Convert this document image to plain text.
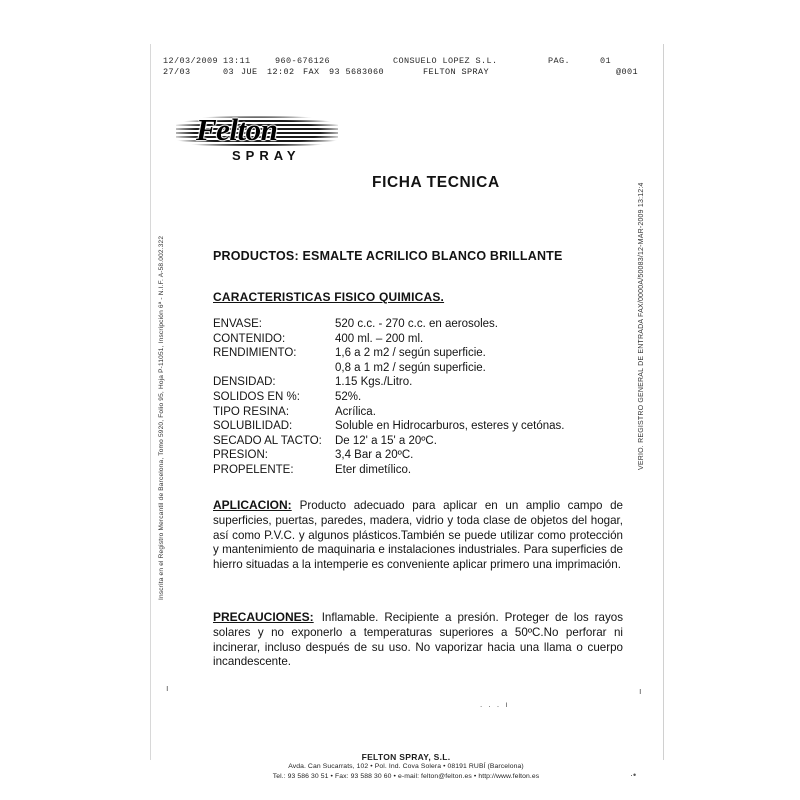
12/03/2009 13:11	960-676126	CONSUELO LOPEZ S.L.	PAG.	01
27/03	03 JUE	12:02 FAX	93 5683060	FELTON SPRAY	@001
Felton
SPRAY
FICHA TECNICA
PRODUCTOS: ESMALTE ACRILICO BLANCO BRILLANTE
CARACTERISTICAS FISICO QUIMICAS.
ENVASE:	520 c.c. - 270 c.c. en aerosoles.
CONTENIDO:	400 ml. – 200 ml.
RENDIMIENTO:	1,6 a 2 m2 / según superficie.
0,8 a 1 m2 / según superficie.
DENSIDAD:	1.15 Kgs./Litro.
SOLIDOS EN %:	52%.
TIPO RESINA:	Acrílica.
SOLUBILIDAD:	Soluble en Hidrocarburos, esteres y cetónas.
SECADO AL TACTO:	De 12' a 15' a 20ºC.
PRESION:	3,4 Bar a 20ºC.
PROPELENTE:	Eter dimetílico.
APLICACION: Producto adecuado para aplicar en un amplio campo de superficies, puertas, paredes, madera, vidrio y toda clase de objetos del hogar, así como P.V.C. y algunos plásticos.También se puede utilizar como protección y mantenimiento de maquinaria e instalaciones industriales. Para superficies de hierro situadas a la intemperie es conveniente aplicar primero una imprimación.
PRECAUCIONES: Inflamable. Recipiente a presión. Proteger de los rayos solares y no exponerlo a temperaturas superiores a 50ºC.No perforar ni incinerar, incluso después de su uso. No vaporizar hacia una llama o cuerpo incandescente.
Inscrita en el Registro Mercantil de Barcelona, Tomo 5920, Folio 95, Hoja P-11051, Inscripción 6ª - N.I.F. A-58.002.322	VERIO. REGISTRO GENERAL DE ENTRADA FAX/0000A/50083/12-MAR-2009 13:12:4
ı
. . . ı
ı
·•
FELTON SPRAY, S.L.
Avda. Can Sucarrats, 102 • Pol. Ind. Cova Solera • 08191 RUBÍ (Barcelona)
Tel.: 93 586 30 51 • Fax: 93 588 30 60 • e-mail: felton@felton.es • http://www.felton.es
